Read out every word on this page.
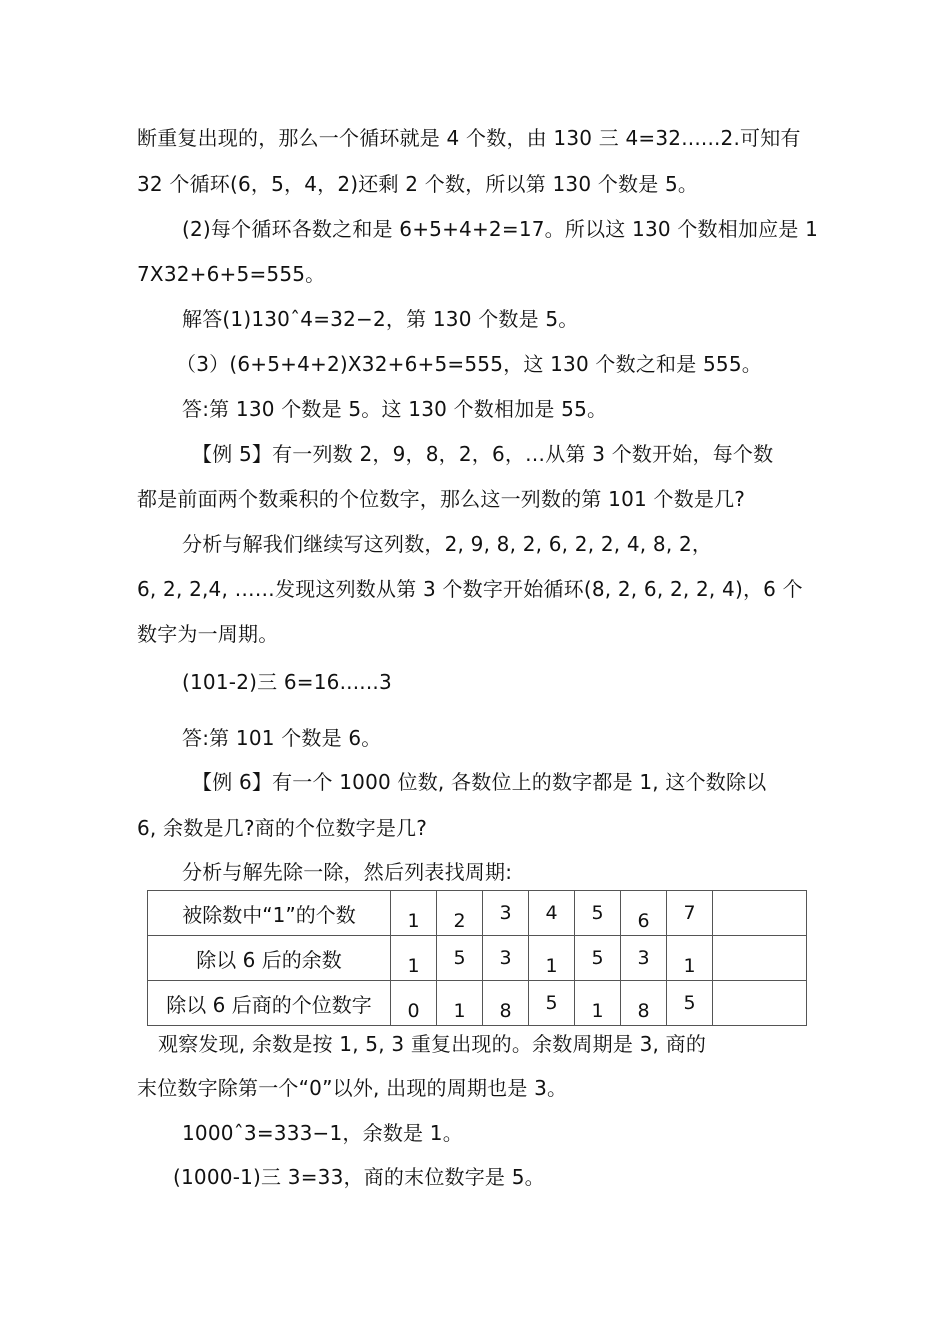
断重复出现的，那么一个循环就是 4 个数，由 130 三 4=32......2.可知有
32 个循环(6，5，4，2)还剩 2 个数，所以第 130 个数是 5。
(2)每个循环各数之和是 6+5+4+2=17。所以这 130 个数相加应是 1
7X32+6+5=555。
解答(1)130ˆ4=32−2，第 130 个数是 5。
（3）(6+5+4+2)X32+6+5=555，这 130 个数之和是 555。
答:第 130 个数是 5。这 130 个数相加是 55。
【例 5】有一列数 2，9，8，2，6，…从第 3 个数开始，每个数
都是前面两个数乘积的个位数字，那么这一列数的第 101 个数是几?
分析与解我们继续写这列数，2, 9, 8, 2, 6, 2, 2, 4, 8, 2，
6, 2, 2,4, ……发现这列数从第 3 个数字开始循环(8, 2, 6, 2, 2, 4)，6 个
数字为一周期。
(101-2)三 6=16......3
答:第 101 个数是 6。
【例 6】有一个 1000 位数, 各数位上的数字都是 1, 这个数除以
6, 余数是几?商的个位数字是几?
分析与解先除一除，然后列表找周期:
被除数中“1”的个数	1	2	3	4	5	6	7	

除以 6 后的余数	1	5	3	1	5	3	1	

除以 6 后商的个位数字	0	1	8	5	1	8	5	

观察发现, 余数是按 1, 5, 3 重复出现的。余数周期是 3, 商的
末位数字除第一个“0”以外, 出现的周期也是 3。
1000ˆ3=333−1，余数是 1。
(1000-1)三 3=33，商的末位数字是 5。
